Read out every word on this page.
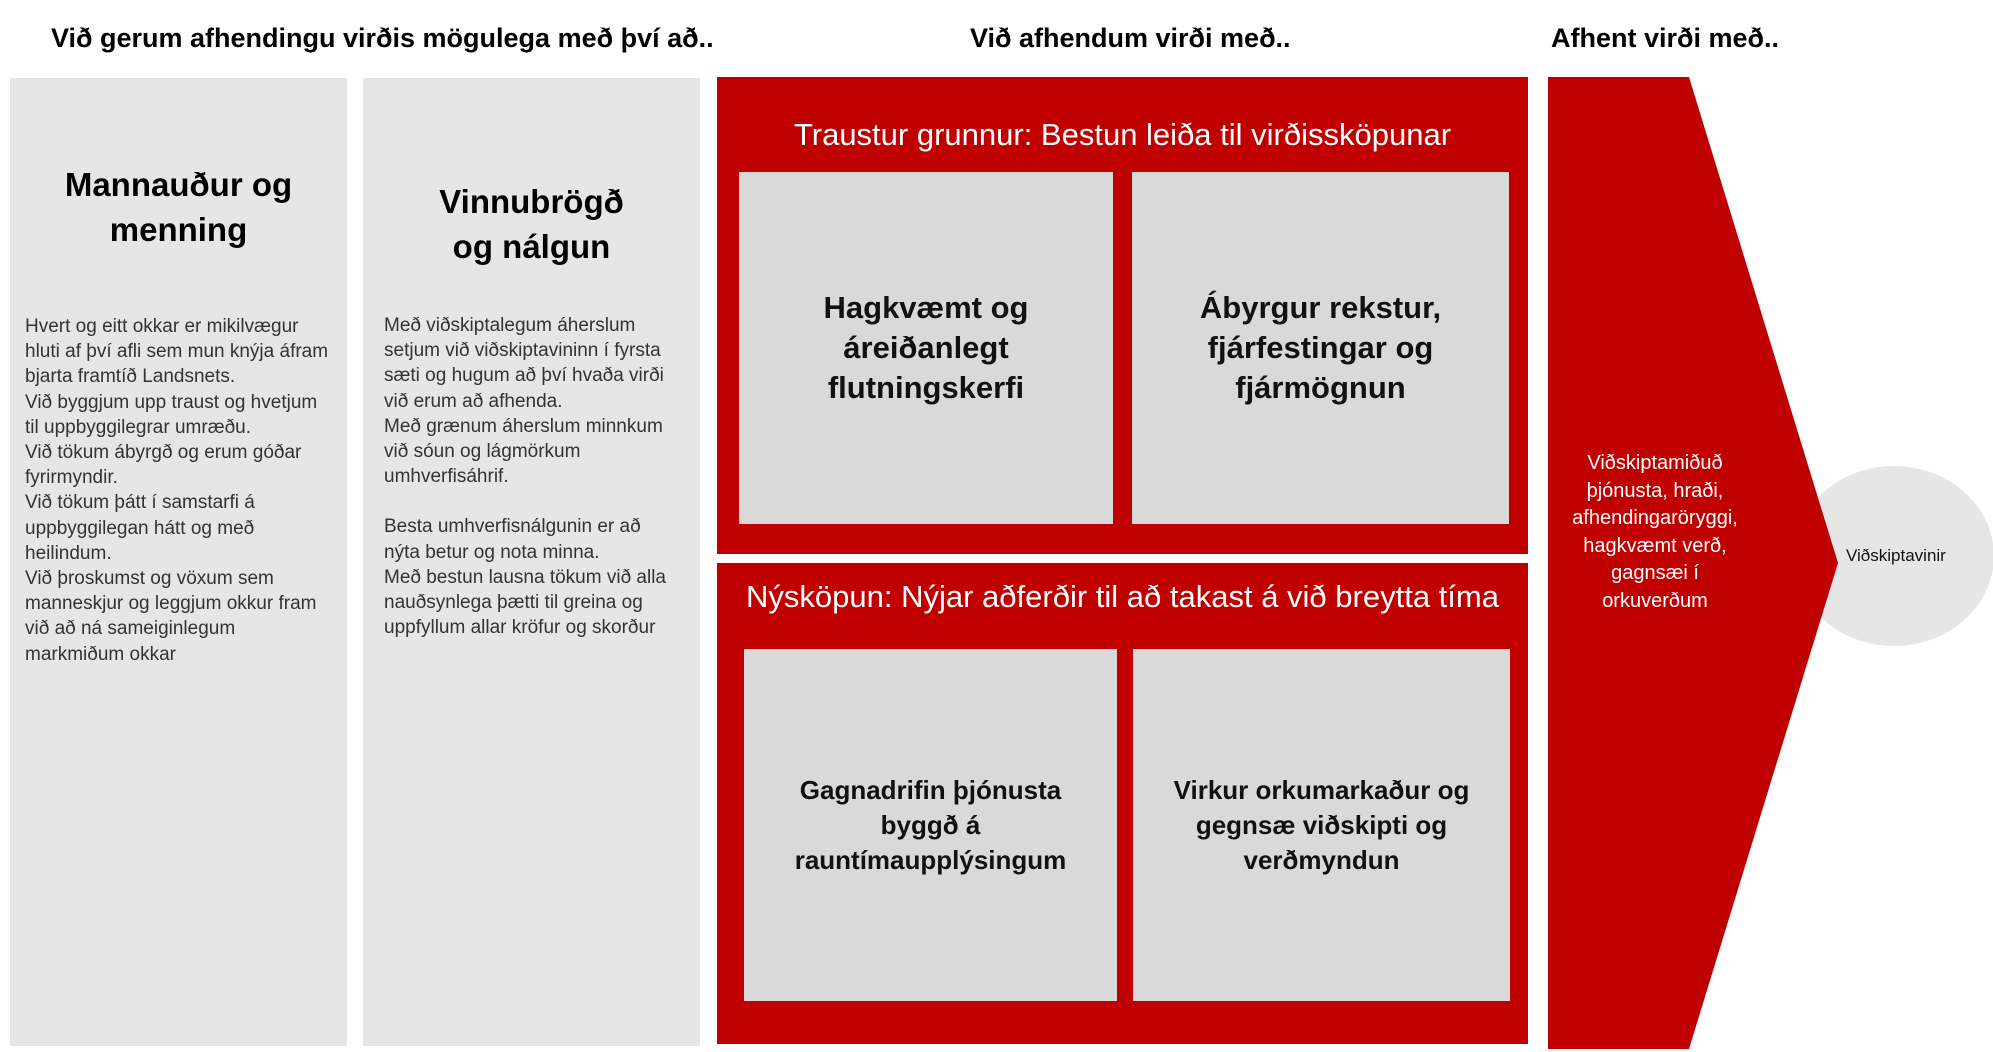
Við gerum afhendingu virðis mögulega með því að..	Við afhendum virði með..	Afhent virði með..
Mannauður og
menning
Hvert og eitt okkar er mikilvægur
hluti af því afli sem mun knýja áfram
bjarta framtíð Landsnets.
Við byggjum upp traust og hvetjum
til uppbyggilegrar umræðu.
Við tökum ábyrgð og erum góðar
fyrirmyndir.
Við tökum þátt í samstarfi á
uppbyggilegan hátt og með
heilindum.
Við þroskumst og vöxum sem
manneskjur og leggjum okkur fram
við að ná sameiginlegum
markmiðum okkar
Vinnubrögð
og nálgun
Með viðskiptalegum áherslum
setjum við viðskiptavininn í fyrsta
sæti og hugum að því hvaða virði
við erum að afhenda.
Með grænum áherslum minnkum
við sóun og lágmörkum
umhverfisáhrif.
Besta umhverfisnálgunin er að
nýta betur og nota minna.
Með bestun lausna tökum við alla
nauðsynlega þætti til greina og
uppfyllum allar kröfur og skorður
Traustur grunnur: Bestun leiða til virðissköpunar
Hagkvæmt og
áreiðanlegt
flutningskerfi
Ábyrgur rekstur,
fjárfestingar og
fjármögnun
Nýsköpun: Nýjar aðferðir til að takast á við breytta tíma
Gagnadrifin þjónusta
byggð á
rauntímaupplýsingum
Virkur orkumarkaður og
gegnsæ viðskipti og
verðmyndun
Viðskiptamiðuð
þjónusta, hraði,
afhendingaröryggi,
hagkvæmt verð,
gagnsæi í
orkuverðum
Viðskiptavinir
